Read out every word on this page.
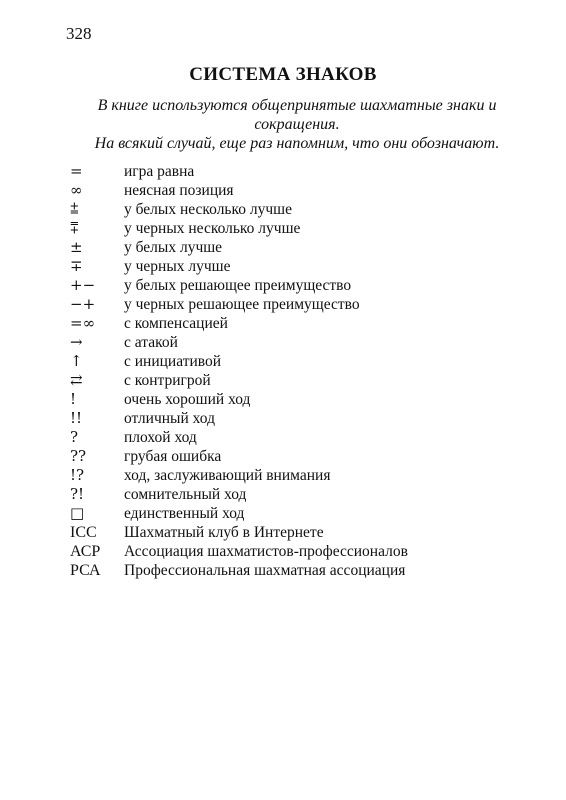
328
СИСТЕМА ЗНАКОВ

В книге используются общепринятые шахматные знаки и сокращения.

На всякий случай, еще раз напомним, что они обозначают.

=	игра равна
∞	неясная позиция
⩲	у белых несколько лучше
⩱	у черных несколько лучше
±	у белых лучше
∓	у черных лучше
+−	у белых решающее преимущество
−+	у черных решающее преимущество
=∞	с компенсацией
→	с атакой
↑	с инициативой
⇄	с контригрой
!	очень хороший ход
!!	отличный ход
?	плохой ход
??	грубая ошибка
!?	ход, заслуживающий внимания
?!	сомнительный ход
□	единственный ход
ICC	Шахматный клуб в Интернете
АСР	Ассоциация шахматистов-профессионалов
РСА	Профессиональная шахматная ассоциация
